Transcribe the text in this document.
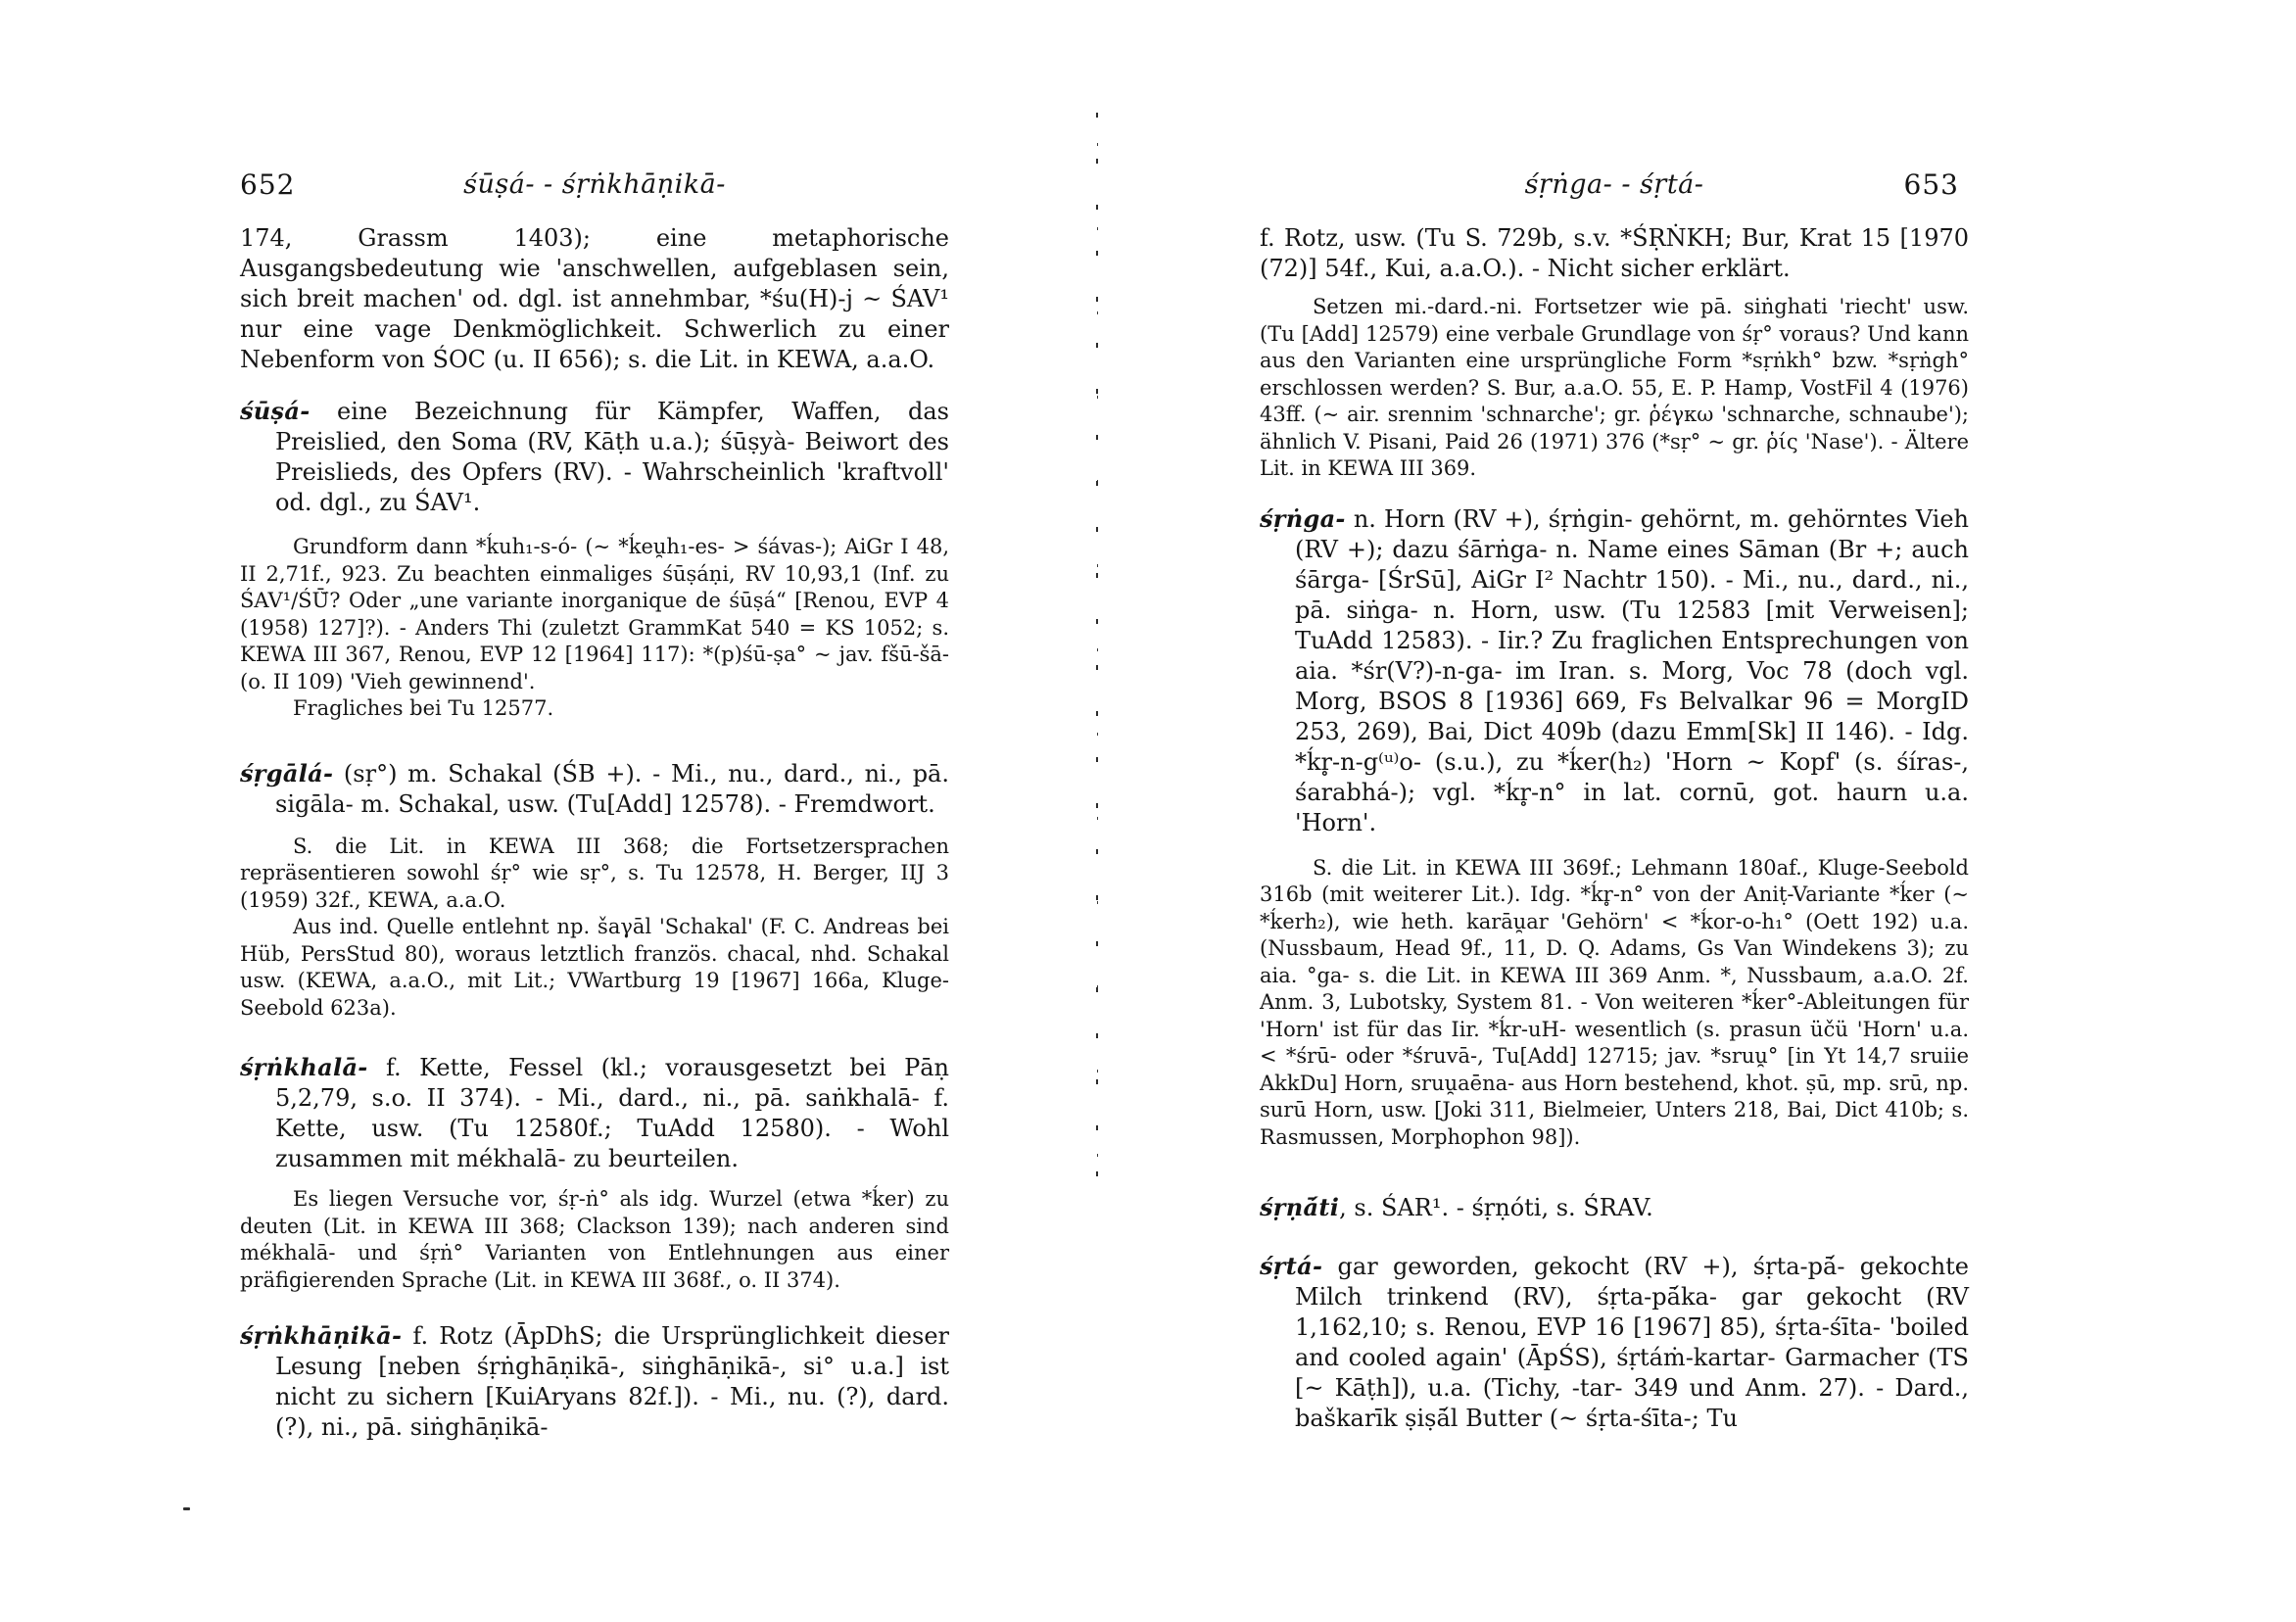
652	śūṣá- - śṛṅkhāṇikā-

174, Grassm 1403); eine metaphorische Ausgangsbedeutung wie 'anschwellen, aufgeblasen sein, sich breit machen' od. dgl. ist annehmbar, *śu(H)-j ~ ŚAV¹ nur eine vage Denkmöglichkeit. Schwerlich zu einer Nebenform von ŚOC (u. II 656); s. die Lit. in KEWA, a.a.O.

śūṣá- eine Bezeichnung für Kämpfer, Waffen, das Preislied, den Soma (RV, Kāṭh u.a.); śūṣyà- Beiwort des Preislieds, des Opfers (RV). - Wahrscheinlich 'kraftvoll' od. dgl., zu ŚAV¹.

Grundform dann *ḱuh₁-s-ó- (~ *ḱeu̯h₁-es- > śávas-); AiGr I 48, II 2,71f., 923. Zu beachten einmaliges śūṣáṇi, RV 10,93,1 (Inf. zu ŚAV¹/ŚŪ̆? Oder „une variante inorganique de śūṣá“ [Renou, EVP 4 (1958) 127]?). - Anders Thi (zuletzt GrammKat 540 = KS 1052; s. KEWA III 367, Renou, EVP 12 [1964] 117): *(p)śū-ṣa° ~ jav. fšū-šā- (o. II 109) 'Vieh gewinnend'.

Fragliches bei Tu 12577.

śṛgālá- (sṛ°) m. Schakal (ŚB +). - Mi., nu., dard., ni., pā. sigāla- m. Schakal, usw. (Tu[Add] 12578). - Fremdwort.

S. die Lit. in KEWA III 368; die Fortsetzersprachen repräsentieren sowohl śṛ° wie sṛ°, s. Tu 12578, H. Berger, IIJ 3 (1959) 32f., KEWA, a.a.O.

Aus ind. Quelle entlehnt np. šaγāl 'Schakal' (F. C. Andreas bei Hüb, PersStud 80), woraus letztlich französ. chacal, nhd. Schakal usw. (KEWA, a.a.O., mit Lit.; VWartburg 19 [1967] 166a, Kluge-Seebold 623a).

śṛṅkhalā- f. Kette, Fessel (kl.; vorausgesetzt bei Pāṇ 5,2,79, s.o. II 374). - Mi., dard., ni., pā. saṅkhalā- f. Kette, usw. (Tu 12580f.; TuAdd 12580). - Wohl zusammen mit mékhalā- zu beurteilen.

Es liegen Versuche vor, śṛ-ṅ° als idg. Wurzel (etwa *ḱer) zu deuten (Lit. in KEWA III 368; Clackson 139); nach anderen sind mékhalā- und śṛṅ° Varianten von Entlehnungen aus einer präfigierenden Sprache (Lit. in KEWA III 368f., o. II 374).

śṛṅkhāṇikā- f. Rotz (ĀpDhS; die Ursprünglichkeit dieser Lesung [neben śṛṅghāṇikā-, siṅghāṇikā-, si° u.a.] ist nicht zu sichern [KuiAryans 82f.]). - Mi., nu. (?), dard. (?), ni., pā. siṅghāṇikā-

śṛṅga- - śṛtá-	653

f. Rotz, usw. (Tu S. 729b, s.v. *ŚṚṄKH; Bur, Krat 15 [1970 (72)] 54f., Kui, a.a.O.). - Nicht sicher erklärt.

Setzen mi.-dard.-ni. Fortsetzer wie pā. siṅghati 'riecht' usw. (Tu [Add] 12579) eine verbale Grundlage von śṛ° voraus? Und kann aus den Varianten eine ursprüngliche Form *sṛṅkh° bzw. *sṛṅgh° erschlossen werden? S. Bur, a.a.O. 55, E. P. Hamp, VostFil 4 (1976) 43ff. (~ air. srennim 'schnarche'; gr. ῥέγκω 'schnarche, schnaube'); ähnlich V. Pisani, Paid 26 (1971) 376 (*sṛ° ~ gr. ῥίς 'Nase'). - Ältere Lit. in KEWA III 369.

śṛṅga- n. Horn (RV +), śṛṅgin- gehörnt, m. gehörntes Vieh (RV +); dazu śārṅga- n. Name eines Sāman (Br +; auch śārga- [ŚrSū], AiGr I² Nachtr 150). - Mi., nu., dard., ni., pā. siṅga- n. Horn, usw. (Tu 12583 [mit Verweisen]; TuAdd 12583). - Iir.? Zu fraglichen Entsprechungen von aia. *śr(V?)-n-ga- im Iran. s. Morg, Voc 78 (doch vgl. Morg, BSOS 8 [1936] 669, Fs Belvalkar 96 = MorgID 253, 269), Bai, Dict 409b (dazu Emm[Sk] II 146). - Idg. *ḱr̥-n-g⁽ᵘ⁾o- (s.u.), zu *ḱer(h₂) 'Horn ~ Kopf' (s. śíras-, śarabhá-); vgl. *ḱr̥-n° in lat. cornū, got. haurn u.a. 'Horn'.

S. die Lit. in KEWA III 369f.; Lehmann 180af., Kluge-Seebold 316b (mit weiterer Lit.). Idg. *ḱr̥-n° von der Aniṭ-Variante *ḱer (~ *ḱerh₂), wie heth. karāu̯ar 'Gehörn' < *ḱor-o-h₁° (Oett 192) u.a. (Nussbaum, Head 9f., 11, D. Q. Adams, Gs Van Windekens 3); zu aia. °ga- s. die Lit. in KEWA III 369 Anm. *, Nussbaum, a.a.O. 2f. Anm. 3, Lubotsky, System 81. - Von weiteren *ḱer°-Ableitungen für 'Horn' ist für das Iir. *ḱr-uH- wesentlich (s. prasun üčü 'Horn' u.a. < *śrū- oder *śruvā-, Tu[Add] 12715; jav. *sruu̯° [in Yt 14,7 sruiie AkkDu] Horn, sruu̯aēna- aus Horn bestehend, khot. ṣū, mp. srū, np. surū Horn, usw. [Joki 311, Bielmeier, Unters 218, Bai, Dict 410b; s. Rasmussen, Morphophon 98]).

śṛṇā́ti, s. ŚAR¹. - śṛṇóti, s. ŚRAV.

śṛtá- gar geworden, gekocht (RV +), śṛta-pā́- gekochte Milch trinkend (RV), śṛta-pā́ka- gar gekocht (RV 1,162,10; s. Renou, EVP 16 [1967] 85), śṛta-śīta- 'boiled and cooled again' (ĀpŚS), śṛtáṁ-kartar- Garmacher (TS [~ Kāṭh]), u.a. (Tichy, -tar- 349 und Anm. 27). - Dard., baškarīk ṣiṣā́l Butter (~ śṛta-śīta-; Tu
